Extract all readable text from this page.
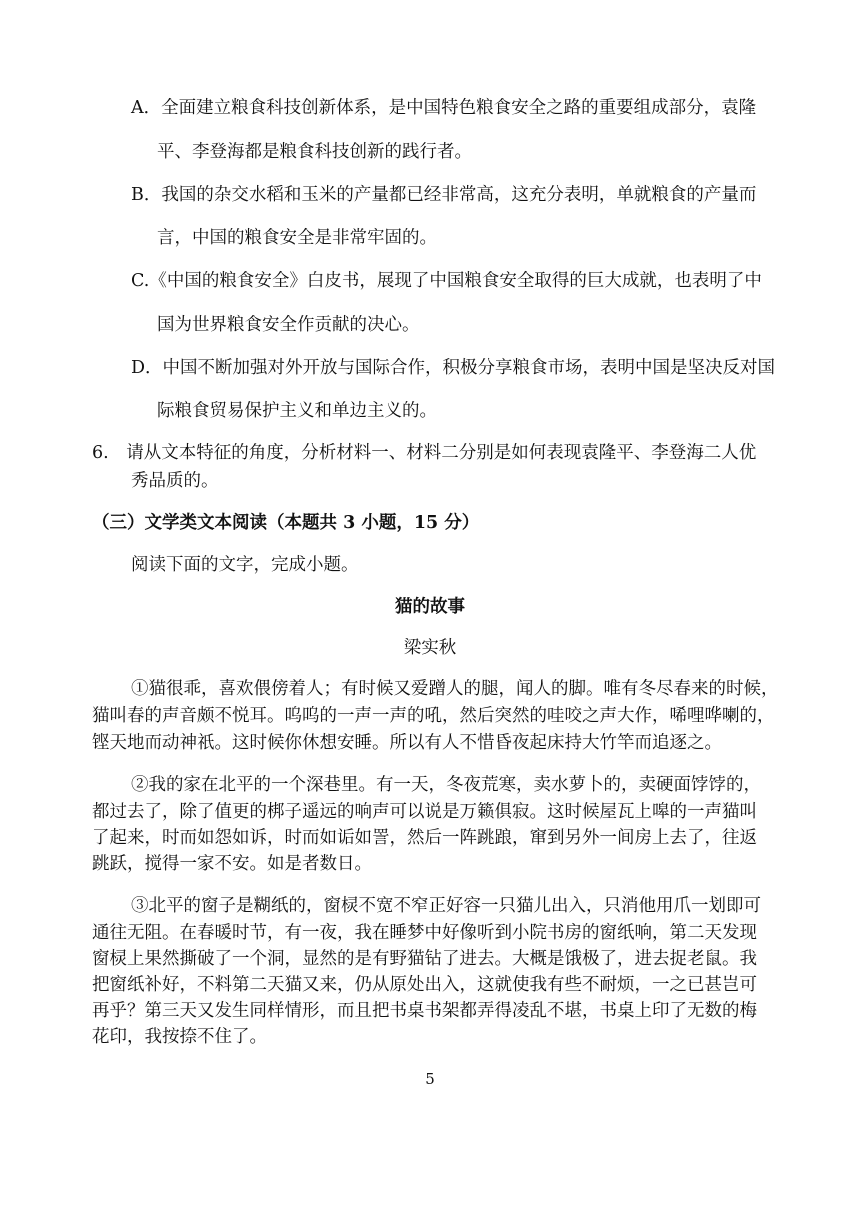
A．全面建立粮食科技创新体系，是中国特色粮食安全之路的重要组成部分，袁隆
平、李登海都是粮食科技创新的践行者。
B．我国的杂交水稻和玉米的产量都已经非常高，这充分表明，单就粮食的产量而
言，中国的粮食安全是非常牢固的。
C.《中国的粮食安全》白皮书，展现了中国粮食安全取得的巨大成就，也表明了中
国为世界粮食安全作贡献的决心。
D．中国不断加强对外开放与国际合作，积极分享粮食市场，表明中国是坚决反对国
际粮食贸易保护主义和单边主义的。
6.　请从文本特征的角度，分析材料一、材料二分别是如何表现袁隆平、李登海二人优
秀品质的。
（三）文学类文本阅读（本题共 3 小题，15 分）
阅读下面的文字，完成小题。
猫的故事
梁实秋
①猫很乖，喜欢偎傍着人；有时候又爱蹭人的腿，闻人的脚。唯有冬尽春来的时候，
猫叫春的声音颇不悦耳。呜呜的一声一声的吼，然后突然的哇咬之声大作，唏哩哗喇的，
铿天地而动神祇。这时候你休想安睡。所以有人不惜昏夜起床持大竹竿而追逐之。
②我的家在北平的一个深巷里。有一天，冬夜荒寒，卖水萝卜的，卖硬面饽饽的，
都过去了，除了值更的梆子遥远的响声可以说是万籁俱寂。这时候屋瓦上嗥的一声猫叫
了起来，时而如怨如诉，时而如诟如詈，然后一阵跳踉，窜到另外一间房上去了，往返
跳跃，搅得一家不安。如是者数日。
③北平的窗子是糊纸的，窗棂不宽不窄正好容一只猫儿出入，只消他用爪一划即可
通往无阻。在春暖时节，有一夜，我在睡梦中好像听到小院书房的窗纸响，第二天发现
窗棂上果然撕破了一个洞，显然的是有野猫钻了进去。大概是饿极了，进去捉老鼠。我
把窗纸补好，不料第二天猫又来，仍从原处出入，这就使我有些不耐烦，一之已甚岂可
再乎？第三天又发生同样情形，而且把书桌书架都弄得凌乱不堪，书桌上印了无数的梅
花印，我按捺不住了。
5
